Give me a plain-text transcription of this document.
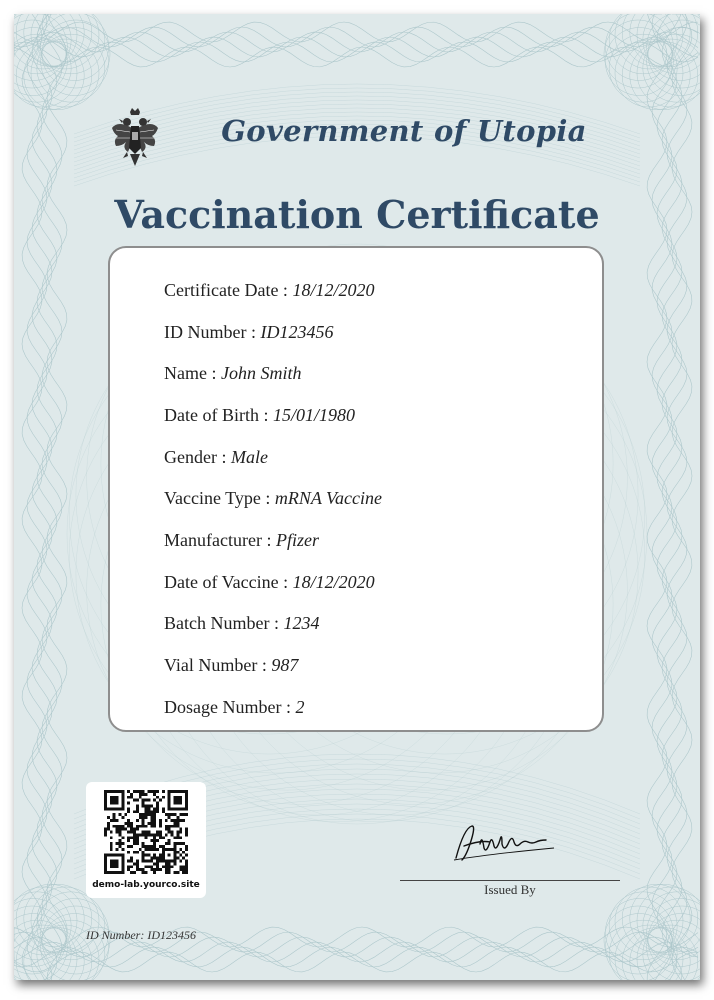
Government of Utopia
Vaccination Certificate
Certificate Date : 18/12/2020
ID Number : ID123456
Name : John Smith
Date of Birth : 15/01/1980
Gender : Male
Vaccine Type : mRNA Vaccine
Manufacturer : Pfizer
Date of Vaccine : 18/12/2020
Batch Number : 1234
Vial Number : 987
Dosage Number : 2
demo-lab.yourco.site	Issued By
ID Number: ID123456
